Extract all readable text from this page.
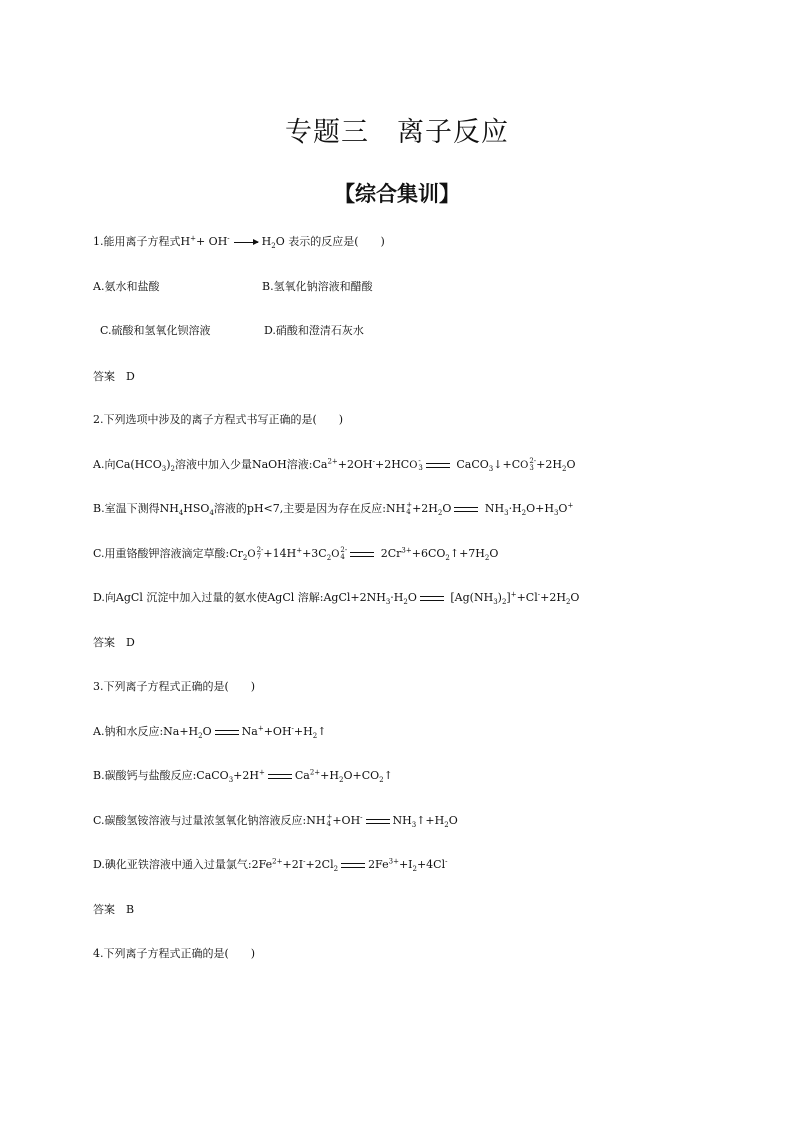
专题三　离子反应
【综合集训】
1.能用离子方程式$H^++ OH^- \to H_2O$ 表示的反应是(　　)
A.氨水和盐酸	B.氢氧化钠溶液和醋酸
C.硫酸和氢氧化钡溶液	D.硝酸和澄清石灰水
答案　D
2.下列选项中涉及的离子方程式书写正确的是(　　)
A.向$Ca(HCO_3)_2$溶液中加入少量NaOH溶液$:Ca^{2+}+2OH^-+2HCO$ -
3	CaCO$_3$↓+CO 2-
$3 +2H_2O$
B.室温下测得$NH_4HSO_4$溶液的pH<7,主要是因为存在反应:NH +
$4 +2H_2O$	$NH_3\cdot H_2O+H_3O^+$
C.用重铬酸钾溶液滴定草酸$:Cr_2O$ 2-
$7 +14H^++3C_2O$ 2-
4	$2Cr^{3+}+6CO_2↑+7H_2O$
D.向AgCl 沉淀中加入过量的氨水使AgCl 溶解$:AgCl+2NH_3\cdot H_2O$	$[Ag(NH_3)_2]^++Cl^-+2H_2O$
答案　D
3.下列离子方程式正确的是(　　)
A.钠和水反应$:Na+H_2O$	$Na^++OH^-+H_2↑$
B.碳酸钙与盐酸反应:CaCO$_3$+2H+	$Ca^{2+}+H_2O+CO_2↑$
C.碳酸氢铵溶液与过量浓氢氧化钠溶液反应:NH +
4 +OH-	$NH_3↑+H_2O$
D.碘化亚铁溶液中通入过量氯气$:2Fe^{2+}+2I^-+2Cl_2$	$2Fe^{3+}+I_2+4Cl^-$
答案　B
4.下列离子方程式正确的是(　　)
